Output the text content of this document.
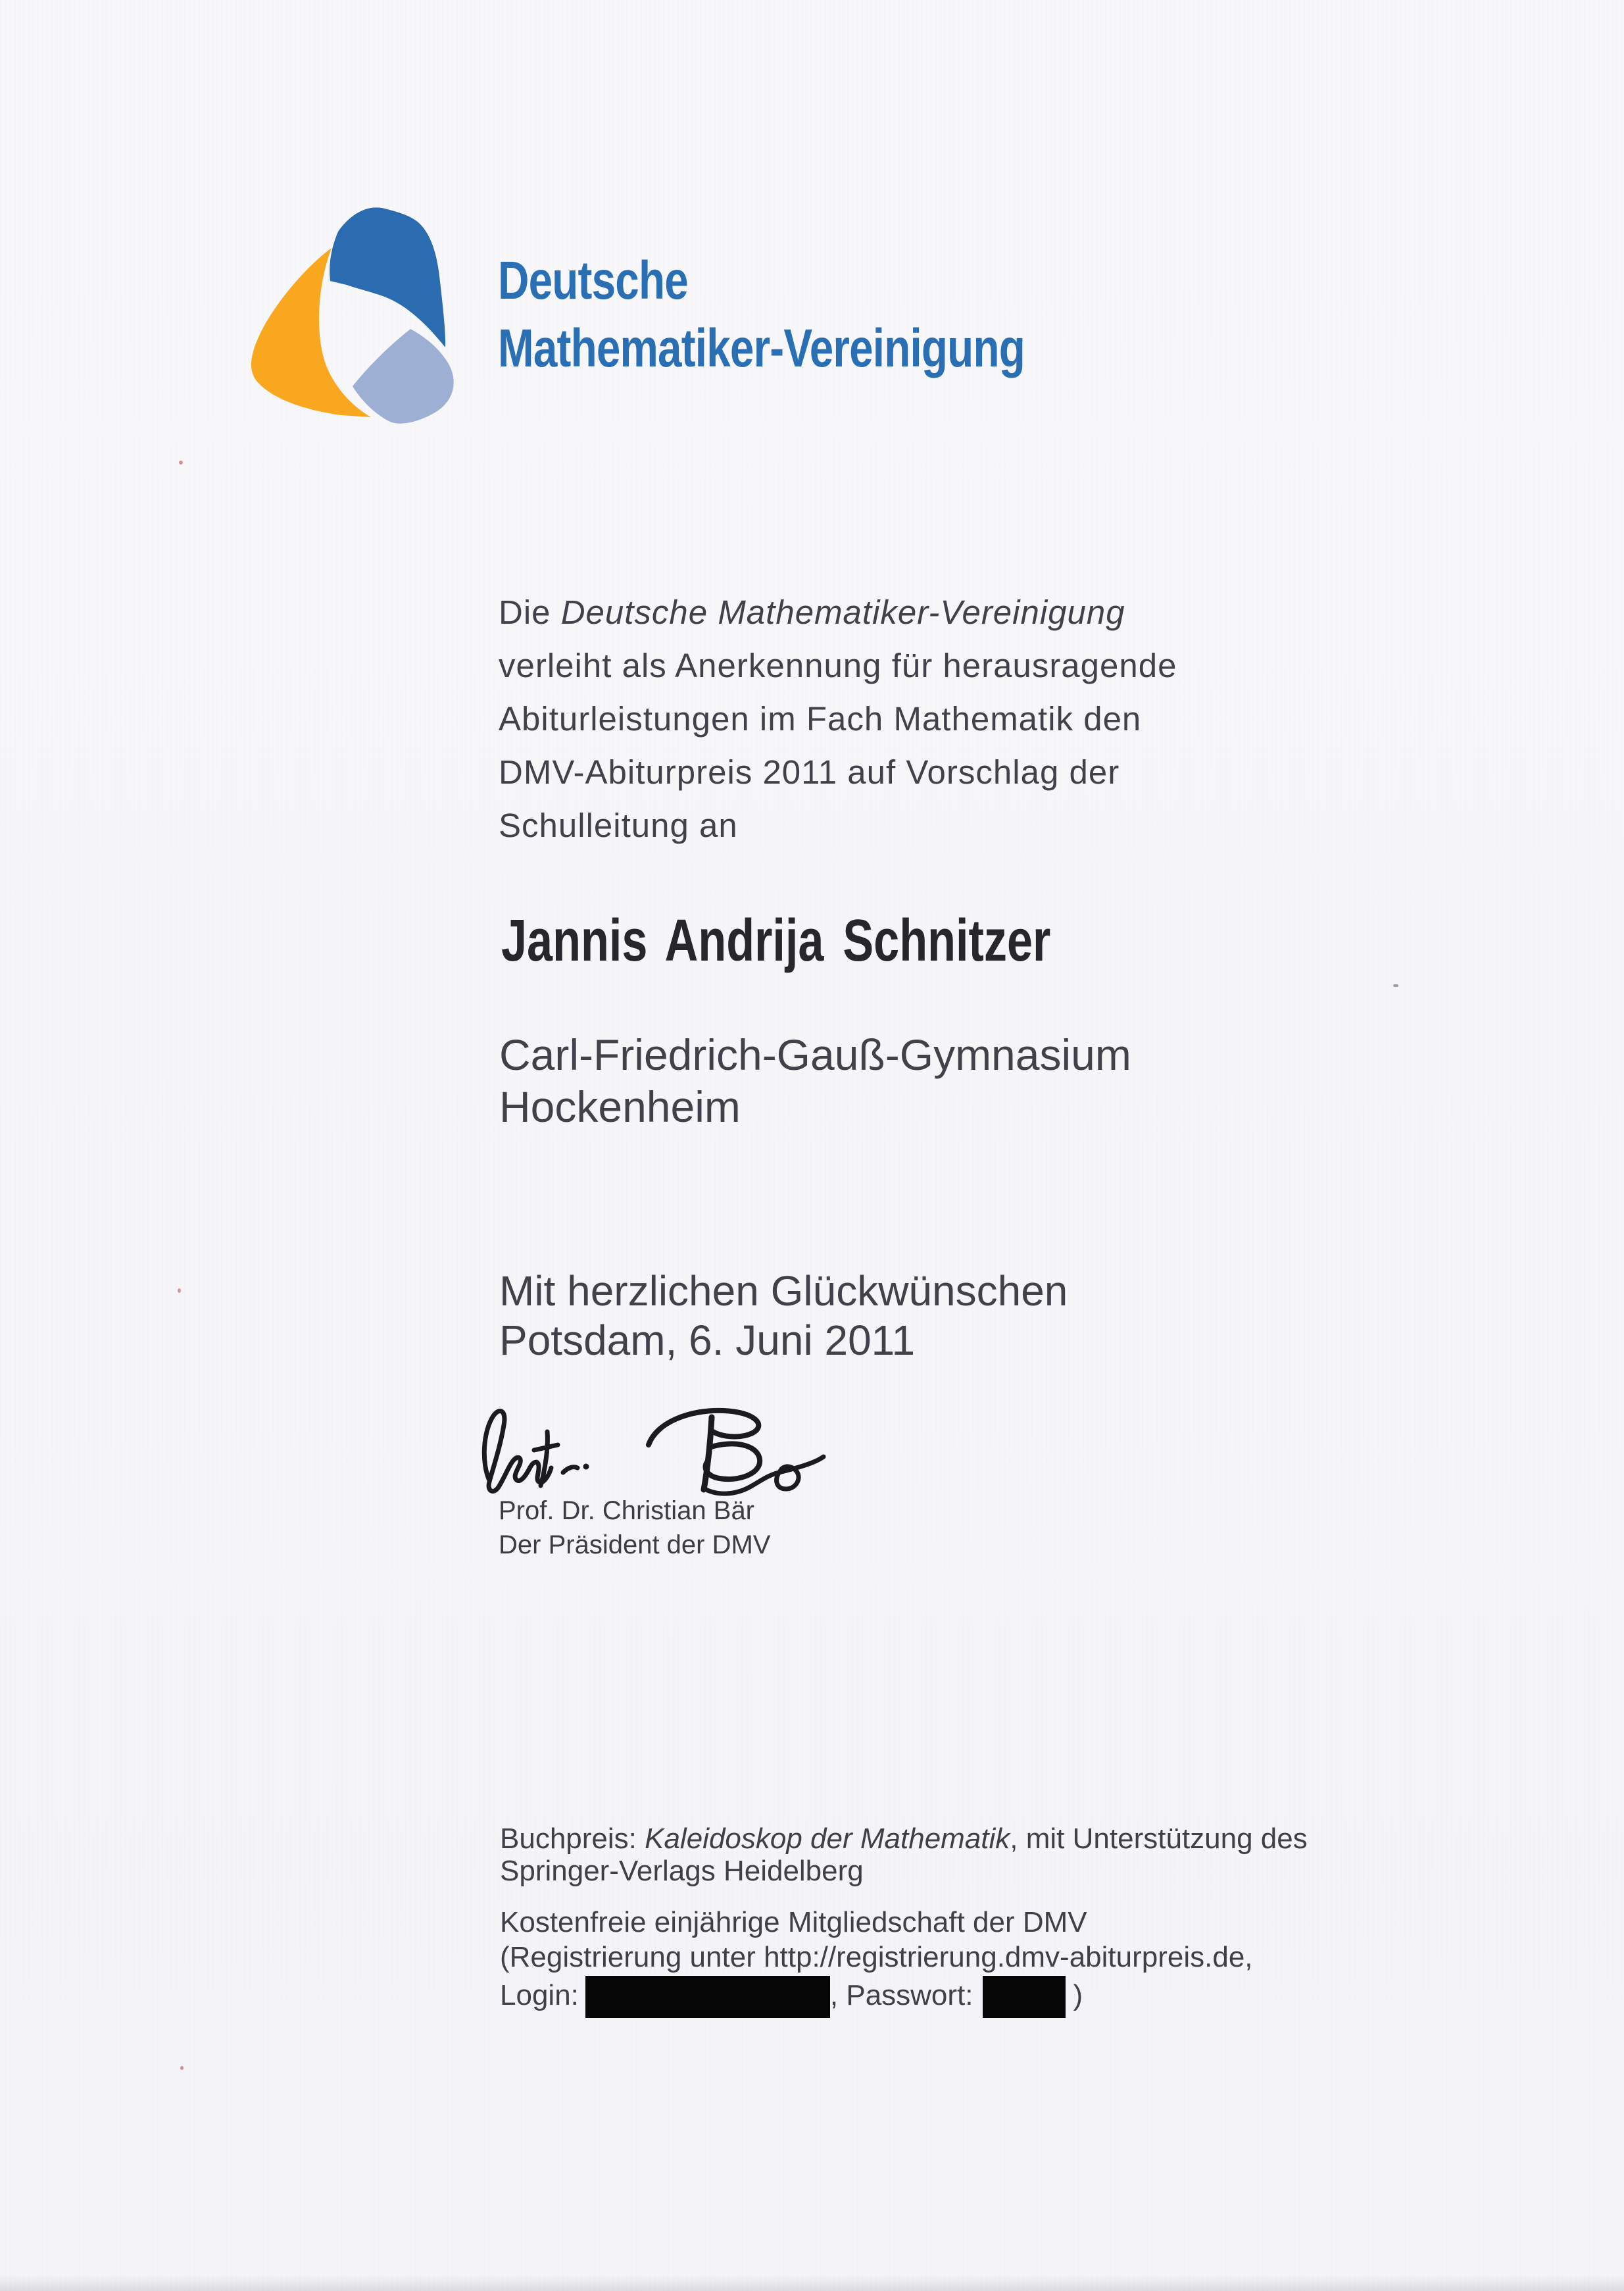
Deutsche
Mathematiker-Vereinigung
Die Deutsche Mathematiker-Vereinigung
verleiht als Anerkennung für herausragende
Abiturleistungen im Fach Mathematik den
DMV-Abiturpreis 2011 auf Vorschlag der
Schulleitung an
Jannis Andrija Schnitzer
Carl-Friedrich-Gauß-Gymnasium
Hockenheim
Mit herzlichen Glückwünschen
Potsdam, 6. Juni 2011
Prof. Dr. Christian Bär
Der Präsident der DMV
Buchpreis: Kaleidoskop der Mathematik, mit Unterstützung des
Springer-Verlags Heidelberg
Kostenfreie einjährige Mitgliedschaft der DMV
(Registrierung unter http://registrierung.dmv-abiturpreis.de,
Login:	, Passwort:	)
